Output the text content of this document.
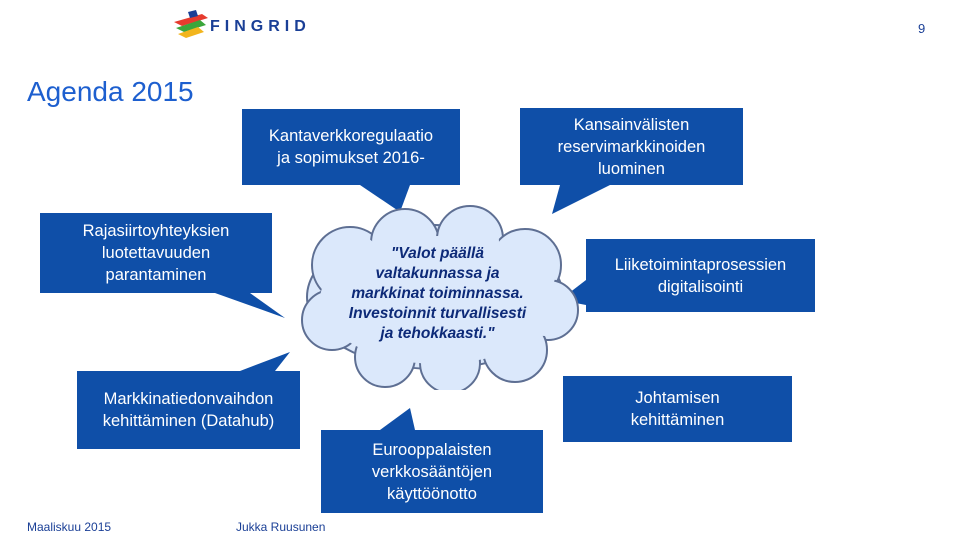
FINGRID	9
Agenda 2015
"Valot päällä
valtakunnassa ja
markkinat toiminnassa.
Investoinnit turvallisesti
ja tehokkaasti."
Kantaverkkoregulaatio
ja sopimukset 2016-
Kansainvälisten
reservimarkkinoiden
luominen
Rajasiirtoyhteyksien
luotettavuuden
parantaminen
Liiketoimintaprosessien
digitalisointi
Markkinatiedonvaihdon
kehittäminen (Datahub)
Johtamisen
kehittäminen
Eurooppalaisten
verkkosääntöjen
käyttöönotto
Maaliskuu 2015	Jukka Ruusunen
